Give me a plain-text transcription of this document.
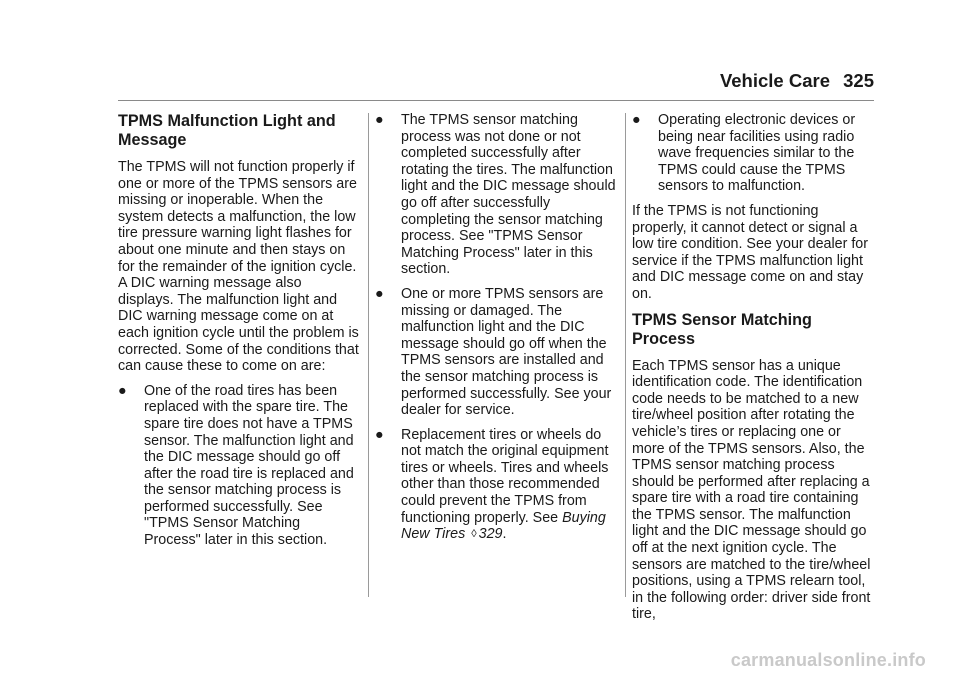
Vehicle Care 325
TPMS Malfunction Light and Message

The TPMS will not function properly if one or more of the TPMS sensors are missing or inoperable. When the system detects a malfunction, the low tire pressure warning light flashes for about one minute and then stays on for the remainder of the ignition cycle. A DIC warning message also displays. The malfunction light and DIC warning message come on at each ignition cycle until the problem is corrected. Some of the conditions that can cause these to come on are:

● One of the road tires has been replaced with the spare tire. The spare tire does not have a TPMS sensor. The malfunction light and the DIC message should go off after the road tire is replaced and the sensor matching process is performed successfully. See "TPMS Sensor Matching Process" later in this section.
● The TPMS sensor matching process was not done or not completed successfully after rotating the tires. The malfunction light and the DIC message should go off after successfully completing the sensor matching process. See "TPMS Sensor Matching Process" later in this section.
● One or more TPMS sensors are missing or damaged. The malfunction light and the DIC message should go off when the TPMS sensors are installed and the sensor matching process is performed successfully. See your dealer for service.
● Replacement tires or wheels do not match the original equipment tires or wheels. Tires and wheels other than those recommended could prevent the TPMS from functioning properly. See Buying New Tires ◊ 329.
● Operating electronic devices or being near facilities using radio wave frequencies similar to the TPMS could cause the TPMS sensors to malfunction.

If the TPMS is not functioning properly, it cannot detect or signal a low tire condition. See your dealer for service if the TPMS malfunction light and DIC message come on and stay on.

TPMS Sensor Matching Process

Each TPMS sensor has a unique identification code. The identification code needs to be matched to a new tire/wheel position after rotating the vehicle’s tires or replacing one or more of the TPMS sensors. Also, the TPMS sensor matching process should be performed after replacing a spare tire with a road tire containing the TPMS sensor. The malfunction light and the DIC message should go off at the next ignition cycle. The sensors are matched to the tire/wheel positions, using a TPMS relearn tool, in the following order: driver side front tire,

carmanualsonline.info
